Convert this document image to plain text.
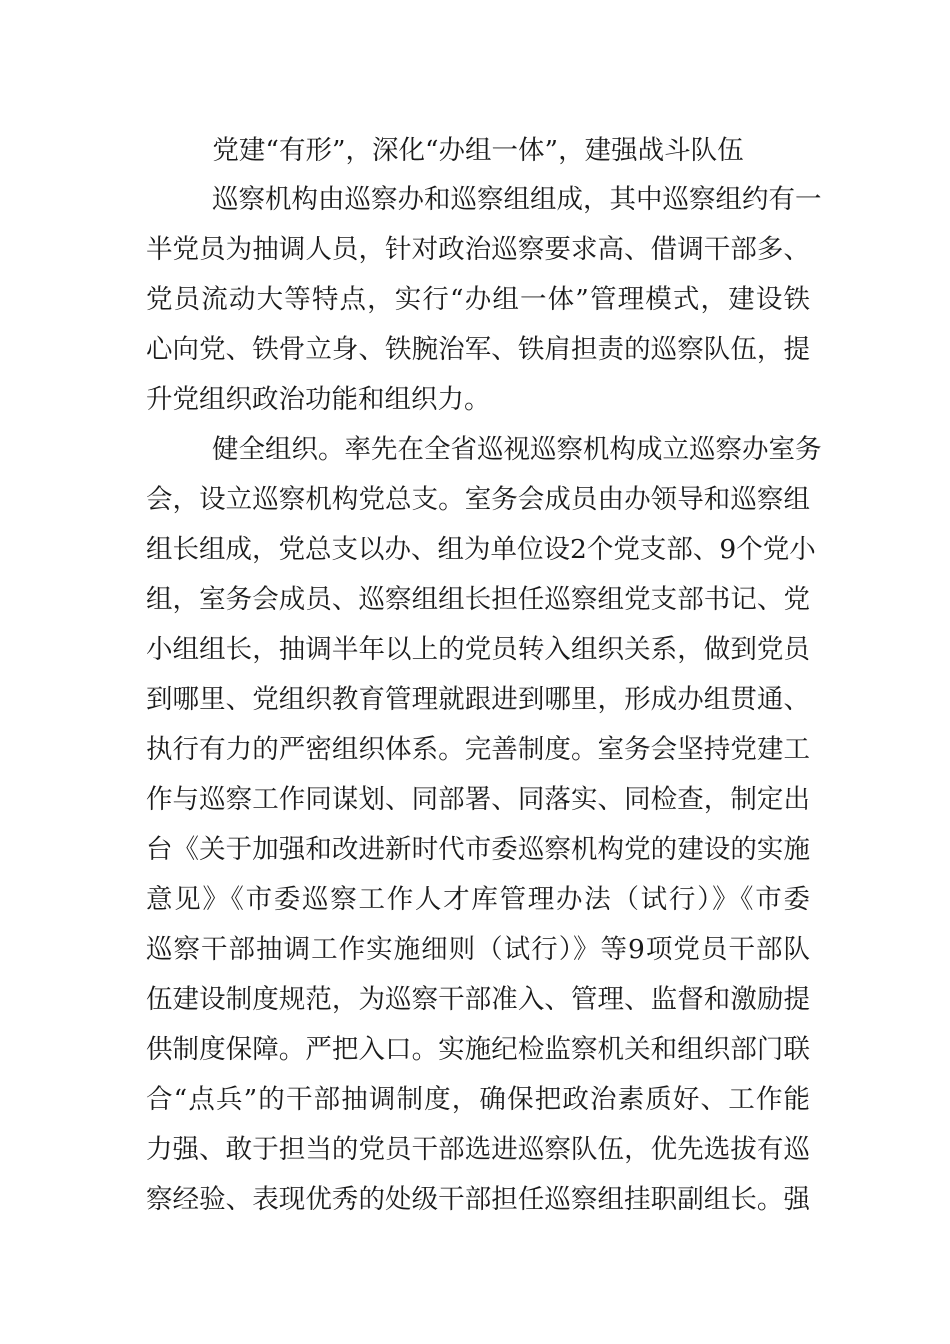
党建“有形”，深化“办组一体”，建强战斗队伍
巡察机构由巡察办和巡察组组成，其中巡察组约有一
半党员为抽调人员，针对政治巡察要求高、借调干部多、
党员流动大等特点，实行“办组一体”管理模式，建设铁
心向党、铁骨立身、铁腕治军、铁肩担责的巡察队伍，提
升党组织政治功能和组织力。
健全组织。率先在全省巡视巡察机构成立巡察办室务
会，设立巡察机构党总支。室务会成员由办领导和巡察组
组长组成，党总支以办、组为单位设2个党支部、9个党小
组，室务会成员、巡察组组长担任巡察组党支部书记、党
小组组长，抽调半年以上的党员转入组织关系，做到党员
到哪里、党组织教育管理就跟进到哪里，形成办组贯通、
执行有力的严密组织体系。完善制度。室务会坚持党建工
作与巡察工作同谋划、同部署、同落实、同检查，制定出
台《关于加强和改进新时代市委巡察机构党的建设的实施
意见》《市委巡察工作人才库管理办法（试行）》《市委
巡察干部抽调工作实施细则（试行）》等9项党员干部队
伍建设制度规范，为巡察干部准入、管理、监督和激励提
供制度保障。严把入口。实施纪检监察机关和组织部门联
合“点兵”的干部抽调制度，确保把政治素质好、工作能
力强、敢于担当的党员干部选进巡察队伍，优先选拔有巡
察经验、表现优秀的处级干部担任巡察组挂职副组长。强
